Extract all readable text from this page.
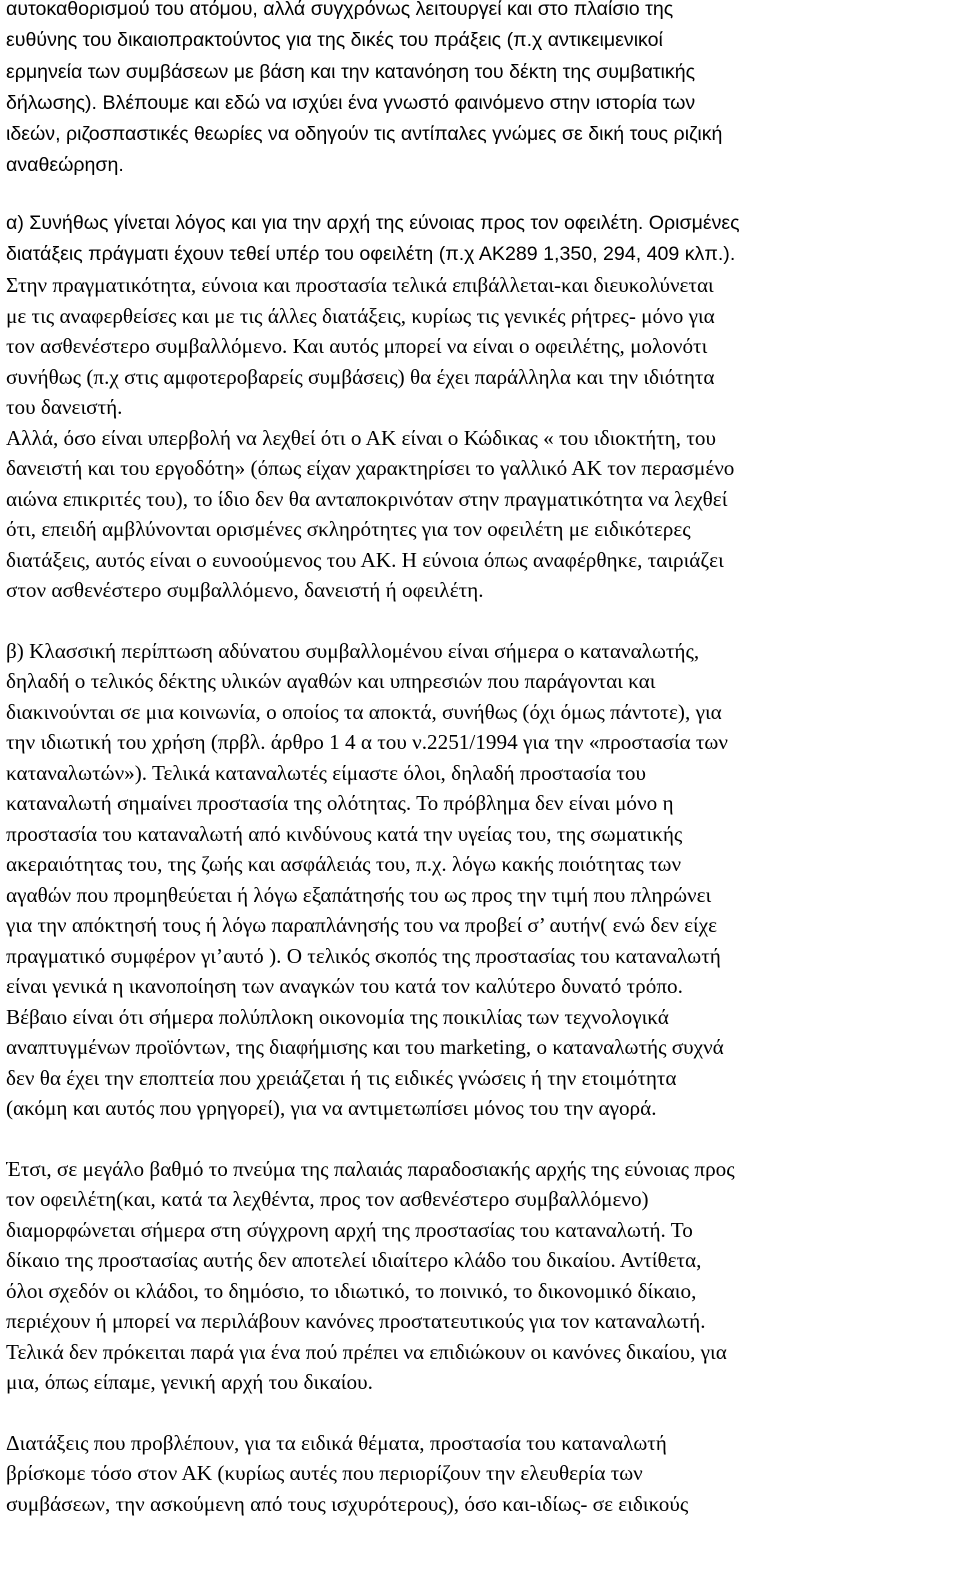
αυτοκαθορισμού του ατόμου, αλλά συγχρόνως λειτουργεί και στο πλαίσιο της
ευθύνης του δικαιοπρακτούντος για της δικές του πράξεις (π.χ αντικειμενικοί
ερμηνεία των συμβάσεων με βάση και την κατανόηση του δέκτη της συμβατικής
δήλωσης). Βλέπουμε και εδώ να ισχύει ένα γνωστό φαινόμενο στην ιστορία των
ιδεών, ριζοσπαστικές θεωρίες να οδηγούν τις αντίπαλες γνώμες σε δική τους ριζική
αναθεώρηση.
α) Συνήθως γίνεται λόγος και για την αρχή της εύνοιας προς τον οφειλέτη. Ορισμένες
διατάξεις πράγματι έχουν τεθεί υπέρ του οφειλέτη (π.χ ΑΚ289 1,350, 294, 409 κλπ.).
Στην πραγματικότητα, εύνοια και προστασία τελικά επιβάλλεται-και διευκολύνεται
με τις αναφερθείσες και με τις άλλες διατάξεις, κυρίως τις γενικές ρήτρες- μόνο για
τον ασθενέστερο συμβαλλόμενο. Και αυτός μπορεί να είναι ο οφειλέτης, μολονότι
συνήθως (π.χ στις αμφοτεροβαρείς συμβάσεις) θα έχει παράλληλα και την ιδιότητα
του δανειστή.
Αλλά, όσο είναι υπερβολή να λεχθεί ότι ο ΑΚ είναι ο Κώδικας « του ιδιοκτήτη, του
δανειστή και του εργοδότη» (όπως είχαν χαρακτηρίσει το γαλλικό ΑΚ τον περασμένο
αιώνα επικριτές του), το ίδιο δεν θα ανταποκρινόταν στην πραγματικότητα να λεχθεί
ότι, επειδή αμβλύνονται ορισμένες σκληρότητες για τον οφειλέτη με ειδικότερες
διατάξεις, αυτός είναι ο ευνοούμενος του ΑΚ. Η εύνοια όπως αναφέρθηκε, ταιριάζει
στον ασθενέστερο συμβαλλόμενο, δανειστή ή οφειλέτη.
β) Κλασσική περίπτωση αδύνατου συμβαλλομένου είναι σήμερα ο καταναλωτής,
δηλαδή ο τελικός δέκτης υλικών αγαθών και υπηρεσιών που παράγονται και
διακινούνται σε μια κοινωνία, ο οποίος τα αποκτά, συνήθως (όχι όμως πάντοτε), για
την ιδιωτική του χρήση (πρβλ. άρθρο 1 4 α του ν.2251/1994 για την «προστασία των
καταναλωτών»). Τελικά καταναλωτές είμαστε όλοι, δηλαδή προστασία του
καταναλωτή σημαίνει προστασία της ολότητας. Το πρόβλημα δεν είναι μόνο η
προστασία του καταναλωτή από κινδύνους κατά την υγείας του, της σωματικής
ακεραιότητας του, της ζωής και ασφάλειάς του, π.χ. λόγω κακής ποιότητας των
αγαθών που προμηθεύεται ή λόγω εξαπάτησής του ως προς την τιμή που πληρώνει
για την απόκτησή τους ή λόγω παραπλάνησής του να προβεί σ’ αυτήν( ενώ δεν είχε
πραγματικό συμφέρον γι’αυτό ). Ο τελικός σκοπός της προστασίας του καταναλωτή
είναι γενικά η ικανοποίηση των αναγκών του κατά τον καλύτερο δυνατό τρόπο.
Βέβαιο είναι ότι σήμερα πολύπλοκη οικονομία της ποικιλίας των τεχνολογικά
αναπτυγμένων προϊόντων, της διαφήμισης και του marketing, ο καταναλωτής συχνά
δεν θα έχει την εποπτεία που χρειάζεται ή τις ειδικές γνώσεις ή την ετοιμότητα
(ακόμη και αυτός που γρηγορεί), για να αντιμετωπίσει μόνος του την αγορά.
Έτσι, σε μεγάλο βαθμό το πνεύμα της παλαιάς παραδοσιακής αρχής της εύνοιας προς
τον οφειλέτη(και, κατά τα λεχθέντα, προς τον ασθενέστερο συμβαλλόμενο)
διαμορφώνεται σήμερα στη σύγχρονη αρχή της προστασίας του καταναλωτή. Το
δίκαιο της προστασίας αυτής δεν αποτελεί ιδιαίτερο κλάδο του δικαίου. Αντίθετα,
όλοι σχεδόν οι κλάδοι, το δημόσιο, το ιδιωτικό, το ποινικό, το δικονομικό δίκαιο,
περιέχουν ή μπορεί να περιλάβουν κανόνες προστατευτικούς για τον καταναλωτή.
Τελικά δεν πρόκειται παρά για ένα πού πρέπει να επιδιώκουν οι κανόνες δικαίου, για
μια, όπως είπαμε, γενική αρχή του δικαίου.
Διατάξεις που προβλέπουν, για τα ειδικά θέματα, προστασία του καταναλωτή
βρίσκομε τόσο στον ΑΚ (κυρίως αυτές που περιορίζουν την ελευθερία των
συμβάσεων, την ασκούμενη από τους ισχυρότερους), όσο και-ιδίως- σε ειδικούς
